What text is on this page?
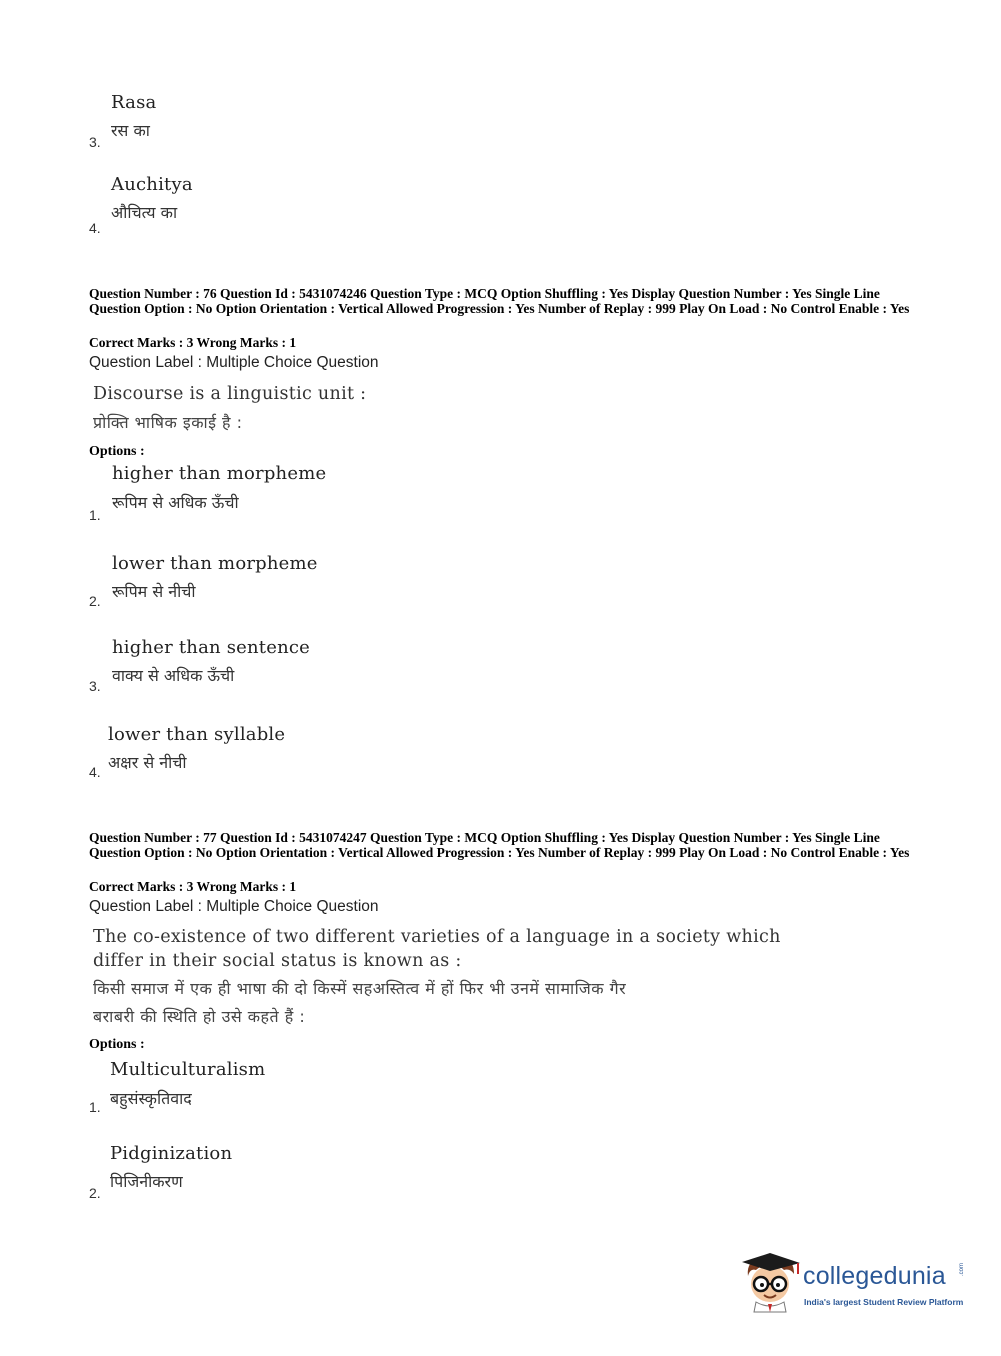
Rasa
रस का
3.
Auchitya
औचित्य का
4.
Question Number : 76 Question Id : 5431074246 Question Type : MCQ Option Shuffling : Yes Display Question Number : Yes Single Line Question Option : No Option Orientation : Vertical Allowed Progression : Yes Number of Replay : 999 Play On Load : No Control Enable : Yes
Correct Marks : 3 Wrong Marks : 1
Question Label : Multiple Choice Question
Discourse is a linguistic unit :
प्रोक्ति भाषिक इकाई है :
Options :
higher than morpheme
रूपिम से अधिक ऊँची
1.
lower than morpheme
रूपिम से नीची
2.
higher than sentence
वाक्य से अधिक ऊँची
3.
lower than syllable
अक्षर से नीची
4.
Question Number : 77 Question Id : 5431074247 Question Type : MCQ Option Shuffling : Yes Display Question Number : Yes Single Line Question Option : No Option Orientation : Vertical Allowed Progression : Yes Number of Replay : 999 Play On Load : No Control Enable : Yes
Correct Marks : 3 Wrong Marks : 1
Question Label : Multiple Choice Question
The co-existence of two different varieties of a language in a society which
differ in their social status is known as :
किसी समाज में एक ही भाषा की दो किस्में सहअस्तित्व में हों फिर भी उनमें सामाजिक गैर
बराबरी की स्थिति हो उसे कहते हैं :
Options :
Multiculturalism
बहुसंस्कृतिवाद
1.
Pidginization
पिजिनीकरण
2.
collegedunia .com
India's largest Student Review Platform
